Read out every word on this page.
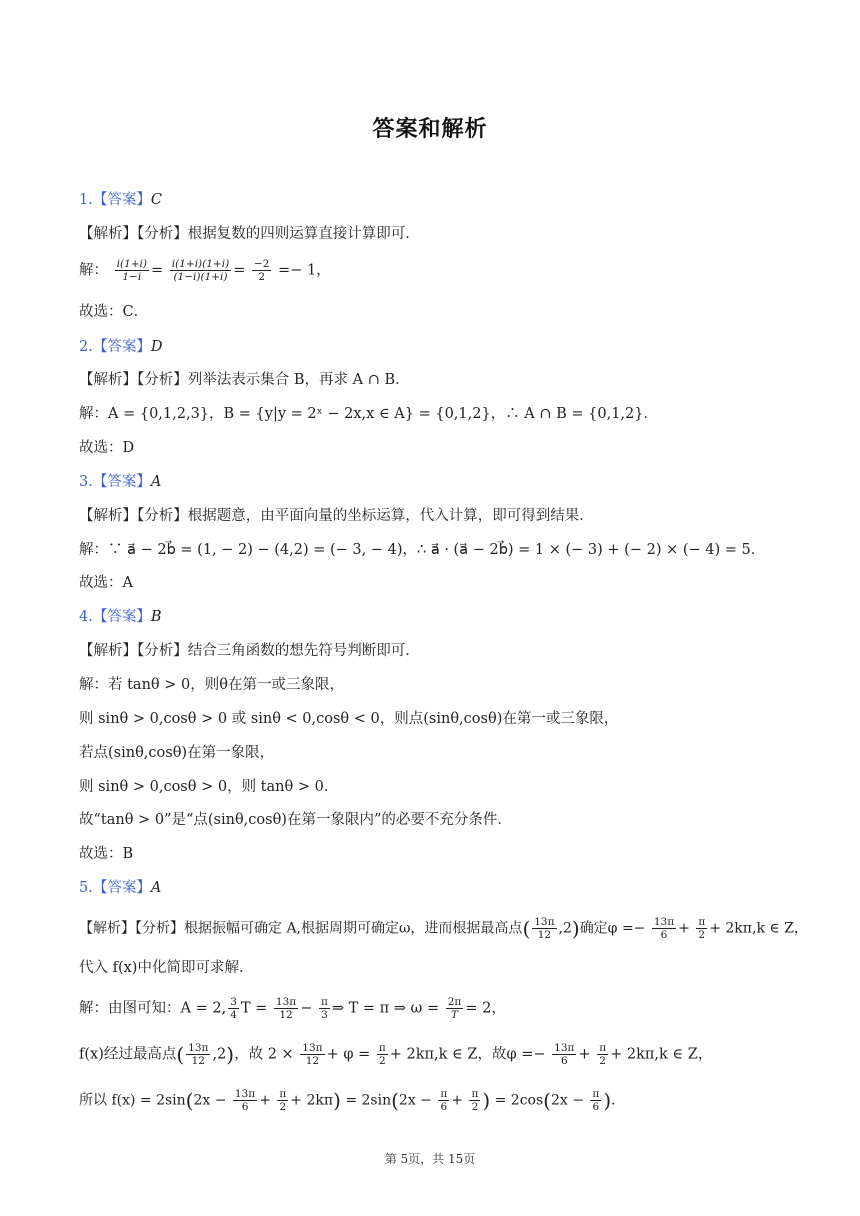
答案和解析
1.【答案】C
【解析】【分析】根据复数的四则运算直接计算即可．
解： $\frac{i(1+i)}{1-i} = \frac{i(1+i)(1+i)}{(1-i)(1+i)} = \frac{-2}{2} =- 1$，
故选：C．
2.【答案】D
【解析】【分析】列举法表示集合 B，再求 A ∩ B．
解：A = {0,1,2,3}，B = {y|y = 2ˣ − 2x,x ∈ A} = {0,1,2}，∴ A ∩ B = {0,1,2}．
故选：D
3.【答案】A
【解析】【分析】根据题意，由平面向量的坐标运算，代入计算，即可得到结果．
解：∵ a⃗ − 2b⃗ = (1, − 2) − (4,2) = (− 3, − 4)，∴ a⃗ · (a⃗ − 2b⃗) = 1 × (− 3) + (− 2) × (− 4) = 5．
故选：A
4.【答案】B
【解析】【分析】结合三角函数的想先符号判断即可．
解：若 tanθ > 0，则θ在第一或三象限，
则 sinθ > 0,cosθ > 0 或 sinθ < 0,cosθ < 0，则点(sinθ,cosθ)在第一或三象限，
若点(sinθ,cosθ)在第一象限，
则 sinθ > 0,cosθ > 0，则 tanθ > 0．
故“tanθ > 0”是“点(sinθ,cosθ)在第一象限内”的必要不充分条件．
故选：B
5.【答案】A
【解析】【分析】根据振幅可确定 A,根据周期可确定ω，进而根据最高点( $\frac{13\pi}{12} ,2$)确定$\varphi =- \frac{13\pi}{6} + \frac{\pi}{2} + 2k\pi,k$ ∈ Z，
代入 f(x)中化简即可求解．
解：由图可知：A = 2, $\frac{3}{4}$ $T = \frac{13\pi}{12} - \frac{\pi}{3}$ ⇒ T = π ⇒ $\omega = \frac{2\pi}{T} = 2$，
f(x)经过最高点( $\frac{13\pi}{12} ,2$)，故 $2 \times \frac{13\pi}{12} + \varphi = \frac{\pi}{2} + 2k\pi,k$ ∈ Z，故$\varphi =- \frac{13\pi}{6} + \frac{\pi}{2} + 2k\pi,k$ ∈ Z，
所以 $f(x) = 2\sin(2x - \frac{13\pi}{6} + \frac{\pi}{2} + 2k\pi) = 2\sin(2x - \frac{\pi}{6} + \frac{\pi}{2}$ ) = $2\cos(2x - \frac{\pi}{6}$ )．
第 5页，共 15页
